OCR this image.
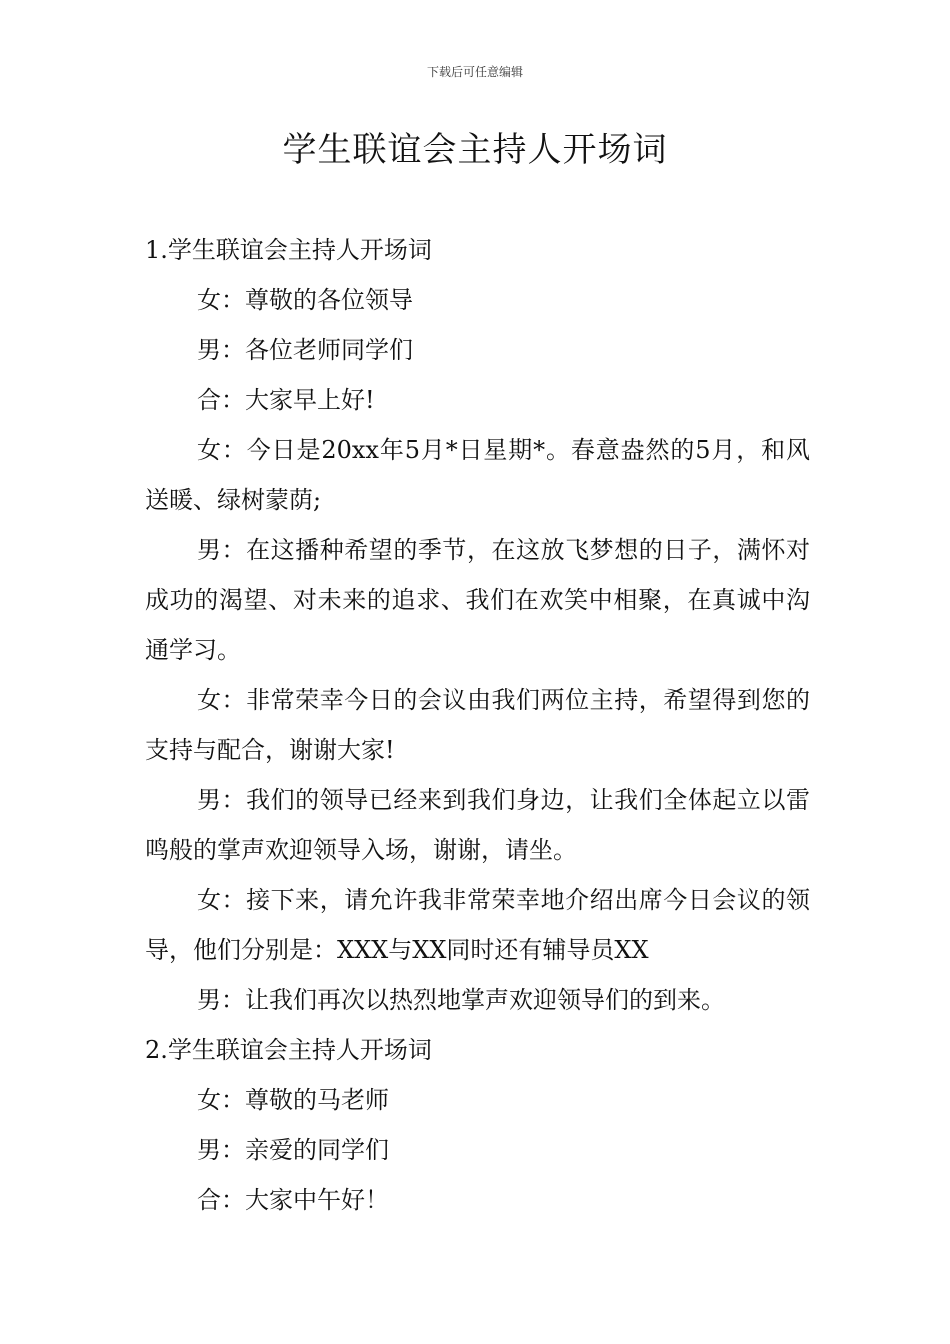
下载后可任意编辑
学生联谊会主持人开场词

1.学生联谊会主持人开场词

女：尊敬的各位领导

男：各位老师同学们

合：大家早上好!

女：今日是20xx年5月*日星期*。春意盎然的5月，和风送暖、绿树蒙荫;

男：在这播种希望的季节，在这放飞梦想的日子，满怀对成功的渴望、对未来的追求、我们在欢笑中相聚，在真诚中沟通学习。

女：非常荣幸今日的会议由我们两位主持，希望得到您的支持与配合，谢谢大家!

男：我们的领导已经来到我们身边，让我们全体起立以雷鸣般的掌声欢迎领导入场，谢谢，请坐。

女：接下来，请允许我非常荣幸地介绍出席今日会议的领导，他们分别是：XXX与XX同时还有辅导员XX

男：让我们再次以热烈地掌声欢迎领导们的到来。

2.学生联谊会主持人开场词

女：尊敬的马老师

男：亲爱的同学们

合：大家中午好！
